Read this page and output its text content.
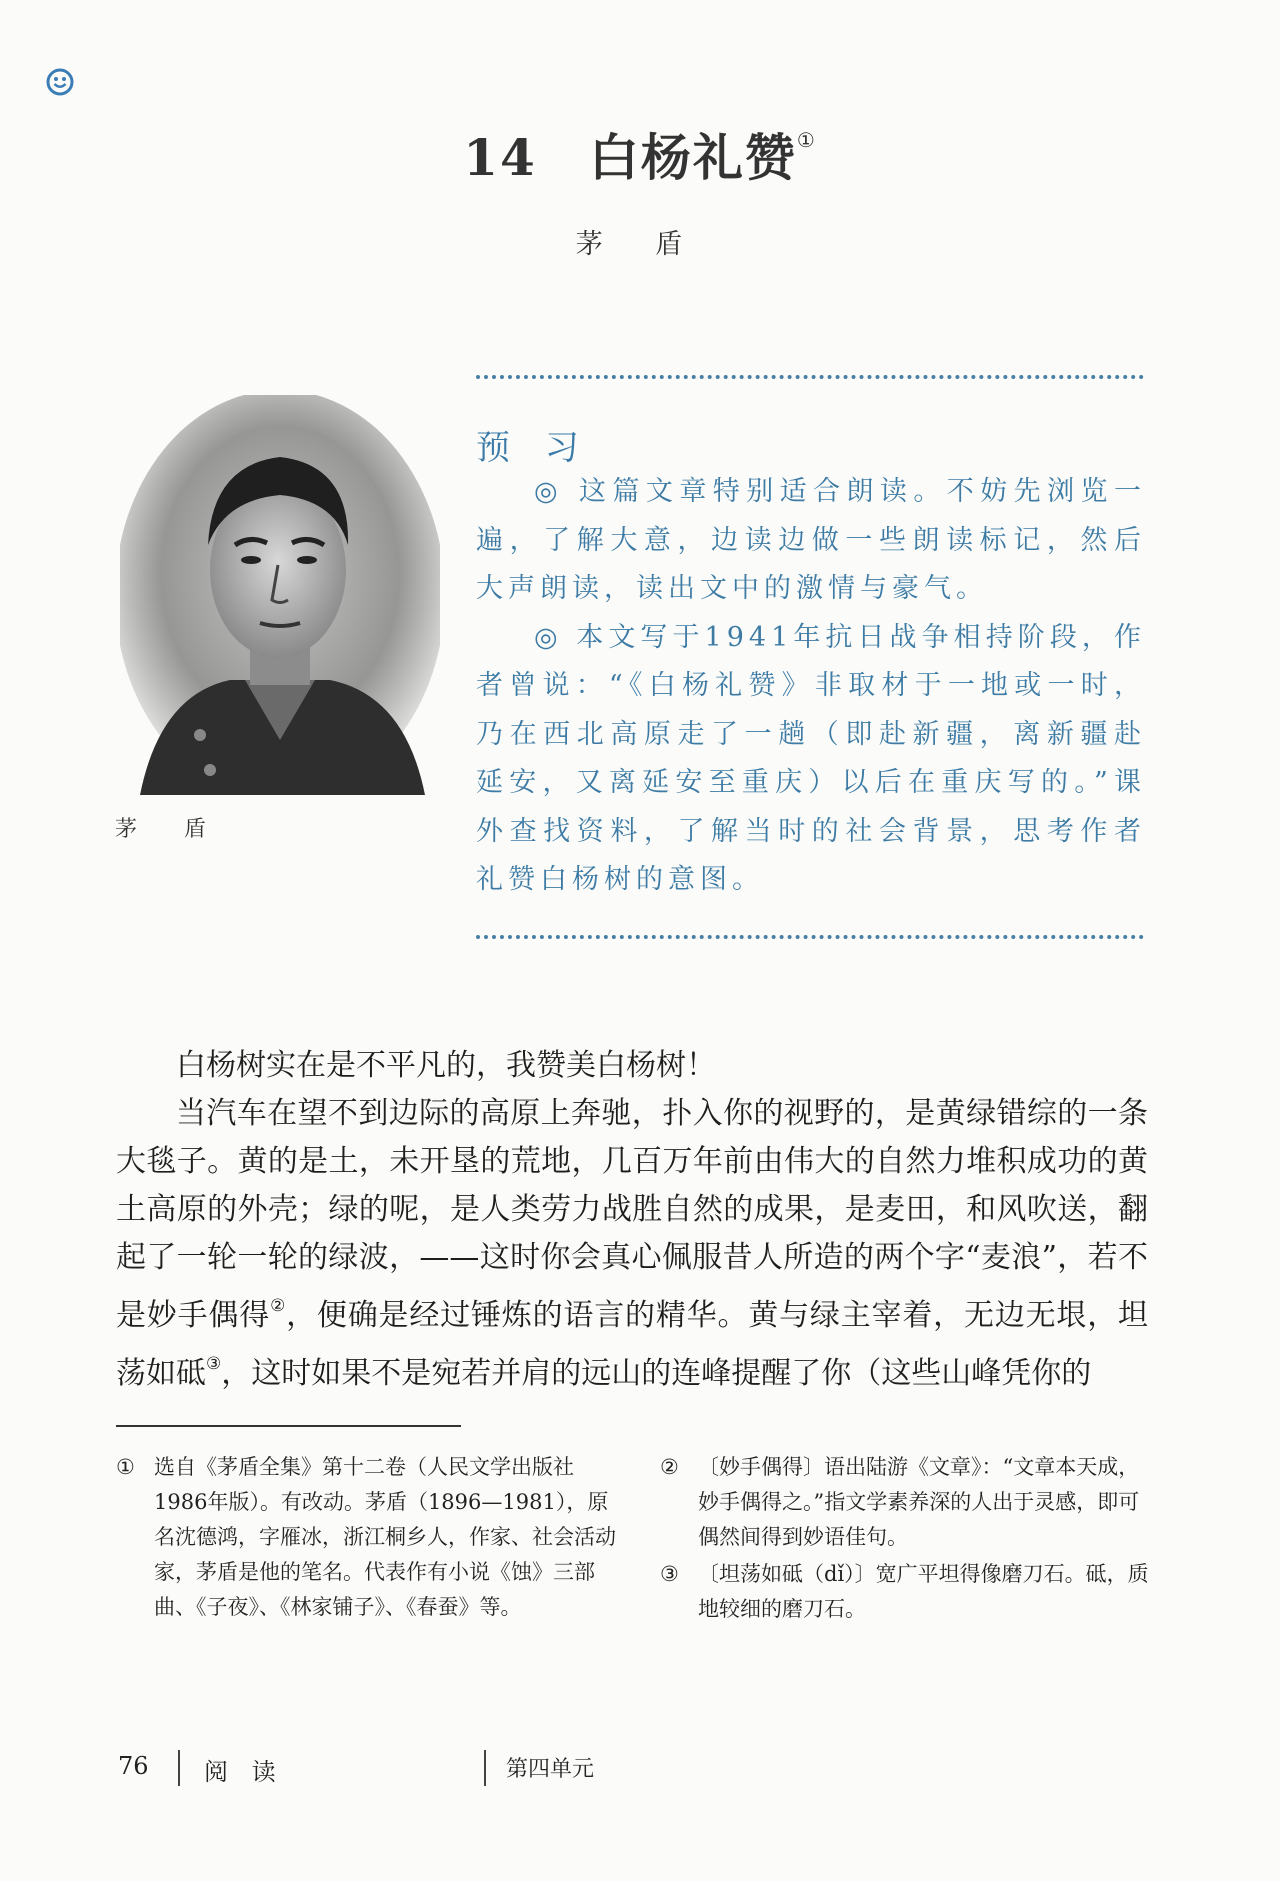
14 白杨礼赞①
茅 盾
茅 盾
预 习

◎ 这篇文章特别适合朗读。不妨先浏览一遍，了解大意，边读边做一些朗读标记，然后大声朗读，读出文中的激情与豪气。

◎ 本文写于1941年抗日战争相持阶段，作者曾说：“《白杨礼赞》非取材于一地或一时，乃在西北高原走了一趟（即赴新疆，离新疆赴延安，又离延安至重庆）以后在重庆写的。”课外查找资料，了解当时的社会背景，思考作者礼赞白杨树的意图。

白杨树实在是不平凡的，我赞美白杨树！

当汽车在望不到边际的高原上奔驰，扑入你的视野的，是黄绿错综的一条大毯子。黄的是土，未开垦的荒地，几百万年前由伟大的自然力堆积成功的黄土高原的外壳；绿的呢，是人类劳力战胜自然的成果，是麦田，和风吹送，翻起了一轮一轮的绿波，——这时你会真心佩服昔人所造的两个字“麦浪”，若不是妙手偶得②，便确是经过锤炼的语言的精华。黄与绿主宰着，无边无垠，坦荡如砥③，这时如果不是宛若并肩的远山的连峰提醒了你（这些山峰凭你的

① 选自《茅盾全集》第十二卷（人民文学出版社1986年版）。有改动。茅盾（1896—1981），原名沈德鸿，字雁冰，浙江桐乡人，作家、社会活动家，茅盾是他的笔名。代表作有小说《蚀》三部曲、《子夜》、《林家铺子》、《春蚕》等。
② 〔妙手偶得〕语出陆游《文章》：“文章本天成，妙手偶得之。”指文学素养深的人出于灵感，即可偶然间得到妙语佳句。
③ 〔坦荡如砥（dǐ）〕宽广平坦得像磨刀石。砥，质地较细的磨刀石。
76 阅 读	第四单元
